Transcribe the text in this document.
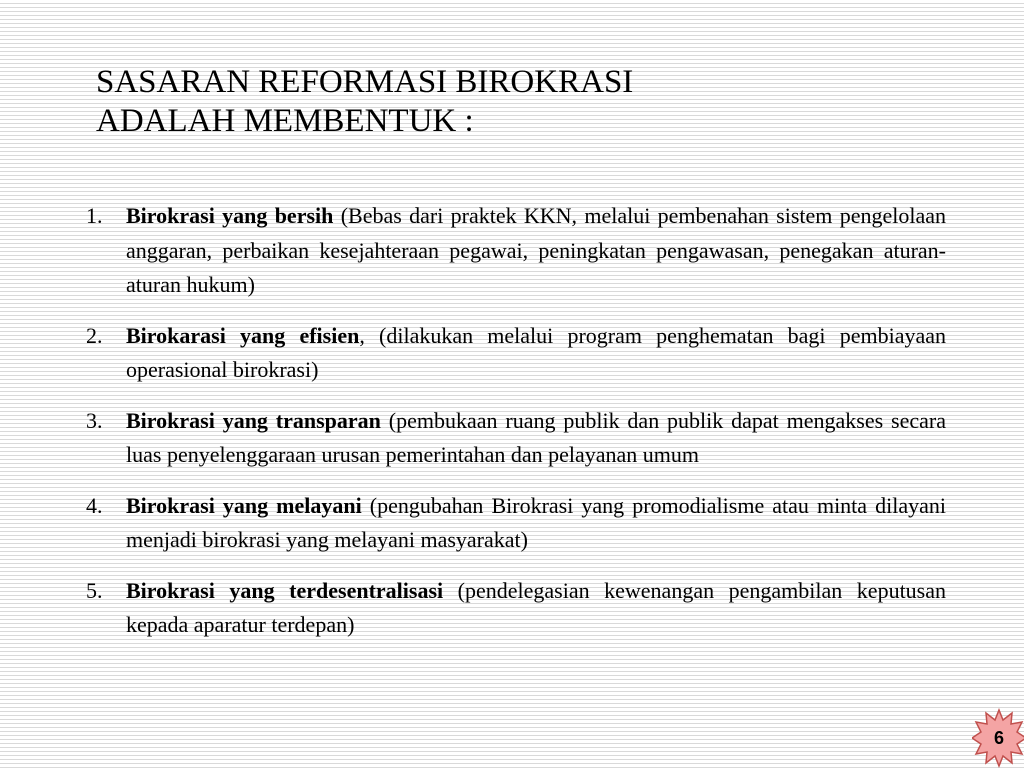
SASARAN REFORMASI BIROKRASI
ADALAH MEMBENTUK :
1.	Birokrasi yang bersih (Bebas dari praktek KKN, melalui pembenahan sistem pengelolaan anggaran, perbaikan kesejahteraan pegawai, peningkatan pengawasan, penegakan aturan-aturan hukum)
2.	Birokarasi yang efisien, (dilakukan melalui program penghematan bagi pembiayaan operasional birokrasi)
3.	Birokrasi yang transparan (pembukaan ruang publik dan publik dapat mengakses secara luas penyelenggaraan urusan pemerintahan dan pelayanan umum
4.	Birokrasi yang melayani (pengubahan Birokrasi yang promodialisme atau minta dilayani menjadi birokrasi yang melayani masyarakat)
5.	Birokrasi yang terdesentralisasi (pendelegasian kewenangan pengambilan keputusan kepada aparatur terdepan)
6
